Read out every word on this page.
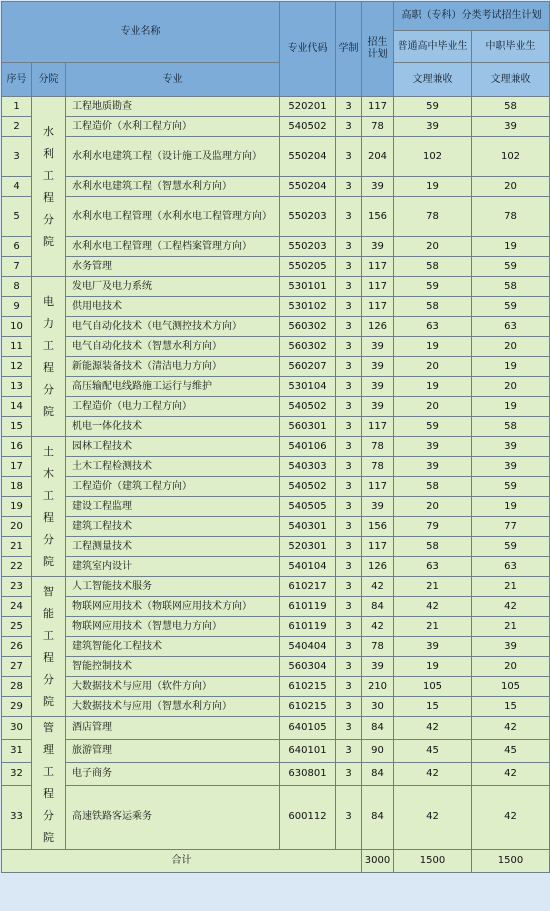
专业名称			专业代码	学制	招生计划	高职（专科）分类考试招生计划	
						普通高中毕业生	中职毕业生
序号	分院	专业				文理兼收	文理兼收
1	水利工程分院	工程地质勘查	520201	3	117	59	58
2		工程造价（水利工程方向）	540502	3	78	39	39
3		水利水电建筑工程（设计施工及监理方向）	550204	3	204	102	102
4		水利水电建筑工程（智慧水利方向）	550204	3	39	19	20
5		水利水电工程管理（水利水电工程管理方向）	550203	3	156	78	78
6		水利水电工程管理（工程档案管理方向）	550203	3	39	20	19
7		水务管理	550205	3	117	58	59
8	电力工程分院	发电厂及电力系统	530101	3	117	59	58
9		供用电技术	530102	3	117	58	59
10		电气自动化技术（电气测控技术方向）	560302	3	126	63	63
11		电气自动化技术（智慧水利方向）	560302	3	39	19	20
12		新能源装备技术（清洁电力方向）	560207	3	39	20	19
13		高压输配电线路施工运行与维护	530104	3	39	19	20
14		工程造价（电力工程方向）	540502	3	39	20	19
15		机电一体化技术	560301	3	117	59	58
16	土木工程分院	园林工程技术	540106	3	78	39	39
17		土木工程检测技术	540303	3	78	39	39
18		工程造价（建筑工程方向）	540502	3	117	58	59
19		建设工程监理	540505	3	39	20	19
20		建筑工程技术	540301	3	156	79	77
21		工程测量技术	520301	3	117	58	59
22		建筑室内设计	540104	3	126	63	63
23	智能工程分院	人工智能技术服务	610217	3	42	21	21
24		物联网应用技术（物联网应用技术方向）	610119	3	84	42	42
25		物联网应用技术（智慧电力方向）	610119	3	42	21	21
26		建筑智能化工程技术	540404	3	78	39	39
27		智能控制技术	560304	3	39	19	20
28		大数据技术与应用（软件方向）	610215	3	210	105	105
29		大数据技术与应用（智慧水利方向）	610215	3	30	15	15
30	管理工程分院	酒店管理	640105	3	84	42	42
31		旅游管理	640101	3	90	45	45
32		电子商务	630801	3	84	42	42
33		高速铁路客运乘务	600112	3	84	42	42
合计					3000	1500	1500
